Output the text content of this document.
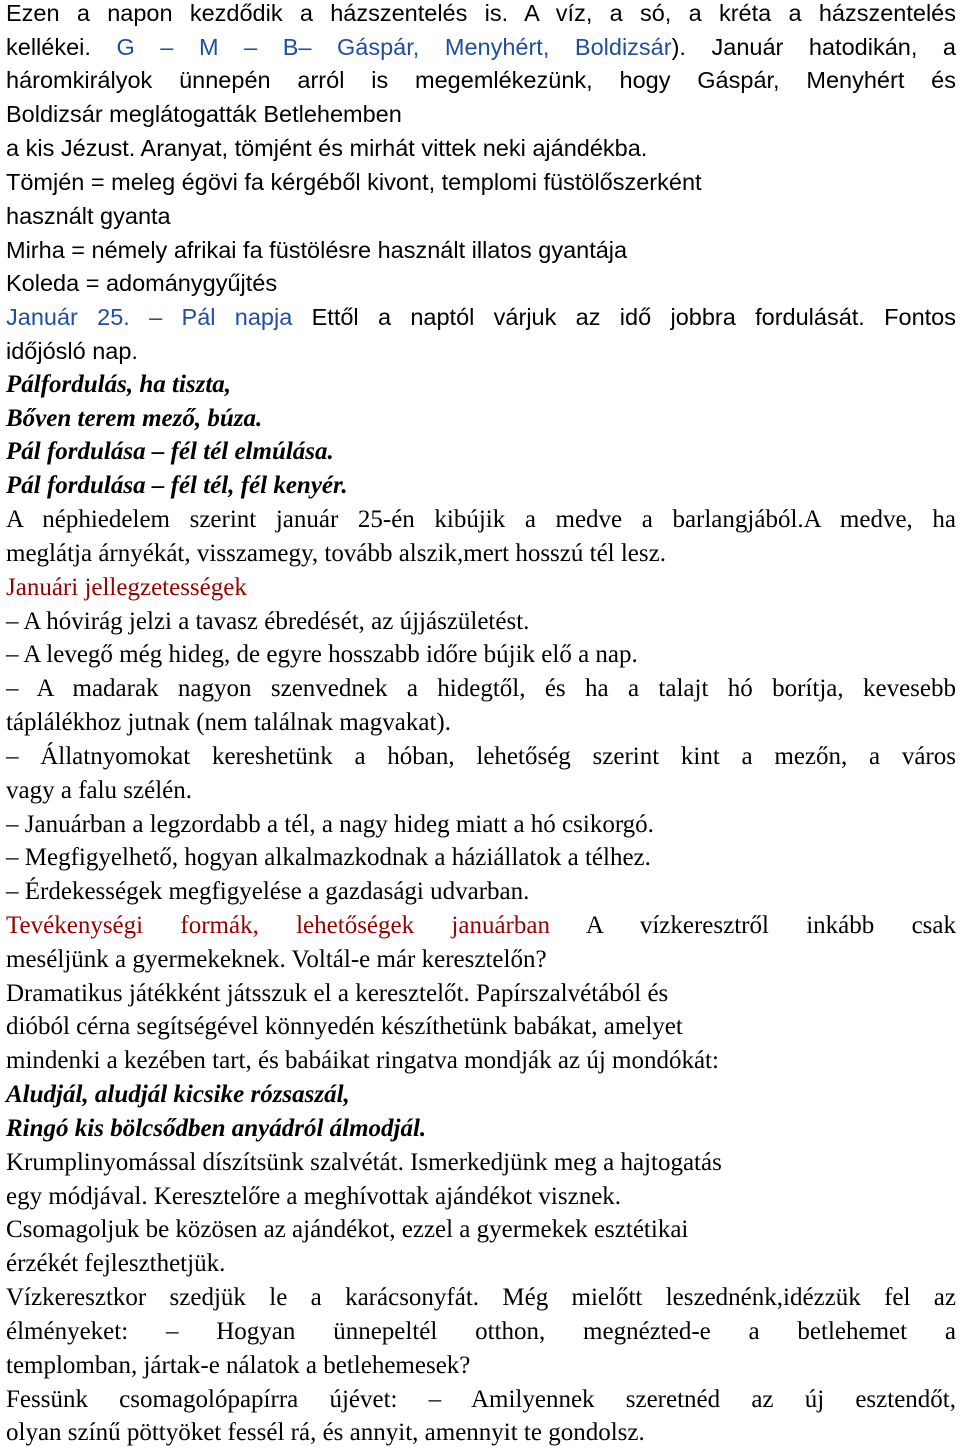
Ezen a napon kezdődik a házszentelés is. A víz, a só, a kréta a házszentelés
kellékei. G – M – B– Gáspár, Menyhért, Boldizsár). Január hatodikán, a
háromkirályok ünnepén arról is megemlékezünk, hogy Gáspár, Menyhért és
Boldizsár meglátogatták Betlehemben
a kis Jézust. Aranyat, tömjént és mirhát vittek neki ajándékba.
Tömjén = meleg égövi fa kérgéből kivont, templomi füstölőszerként
használt gyanta
Mirha = némely afrikai fa füstölésre használt illatos gyantája
Koleda = adománygyűjtés
Január 25. – Pál napja Ettől a naptól várjuk az idő jobbra fordulását. Fontos
időjósló nap.
Pálfordulás, ha tiszta,
Bőven terem mező, búza.
Pál fordulása – fél tél elmúlása.
Pál fordulása – fél tél, fél kenyér.
A néphiedelem szerint január 25-én kibújik a medve a barlangjából.A medve, ha
meglátja árnyékát, visszamegy, tovább alszik,mert hosszú tél lesz.
Januári jellegzetességek
– A hóvirág jelzi a tavasz ébredését, az újjászületést.
– A levegő még hideg, de egyre hosszabb időre bújik elő a nap.
– A madarak nagyon szenvednek a hidegtől, és ha a talajt hó borítja, kevesebb
táplálékhoz jutnak (nem találnak magvakat).
– Állatnyomokat kereshetünk a hóban, lehetőség szerint kint a mezőn, a város
vagy a falu szélén.
– Januárban a legzordabb a tél, a nagy hideg miatt a hó csikorgó.
– Megfigyelhető, hogyan alkalmazkodnak a háziállatok a télhez.
– Érdekességek megfigyelése a gazdasági udvarban.
Tevékenységi formák, lehetőségek januárban A vízkeresztről inkább csak
meséljünk a gyermekeknek. Voltál-e már keresztelőn?
Dramatikus játékként játsszuk el a keresztelőt. Papírszalvétából és
dióból cérna segítségével könnyedén készíthetünk babákat, amelyet
mindenki a kezében tart, és babáikat ringatva mondják az új mondókát:
Aludjál, aludjál kicsike rózsaszál,
Ringó kis bölcsődben anyádról álmodjál.
Krumplinyomással díszítsünk szalvétát. Ismerkedjünk meg a hajtogatás
egy módjával. Keresztelőre a meghívottak ajándékot visznek.
Csomagoljuk be közösen az ajándékot, ezzel a gyermekek esztétikai
érzékét fejleszthetjük.
Vízkeresztkor szedjük le a karácsonyfát. Még mielőtt leszednénk,idézzük fel az
élményeket: – Hogyan ünnepeltél otthon, megnézted-e a betlehemet a
templomban, jártak-e nálatok a betlehemesek?
Fessünk csomagolópapírra újévet: – Amilyennek szeretnéd az új esztendőt,
olyan színű pöttyöket fessél rá, és annyit, amennyit te gondolsz.
